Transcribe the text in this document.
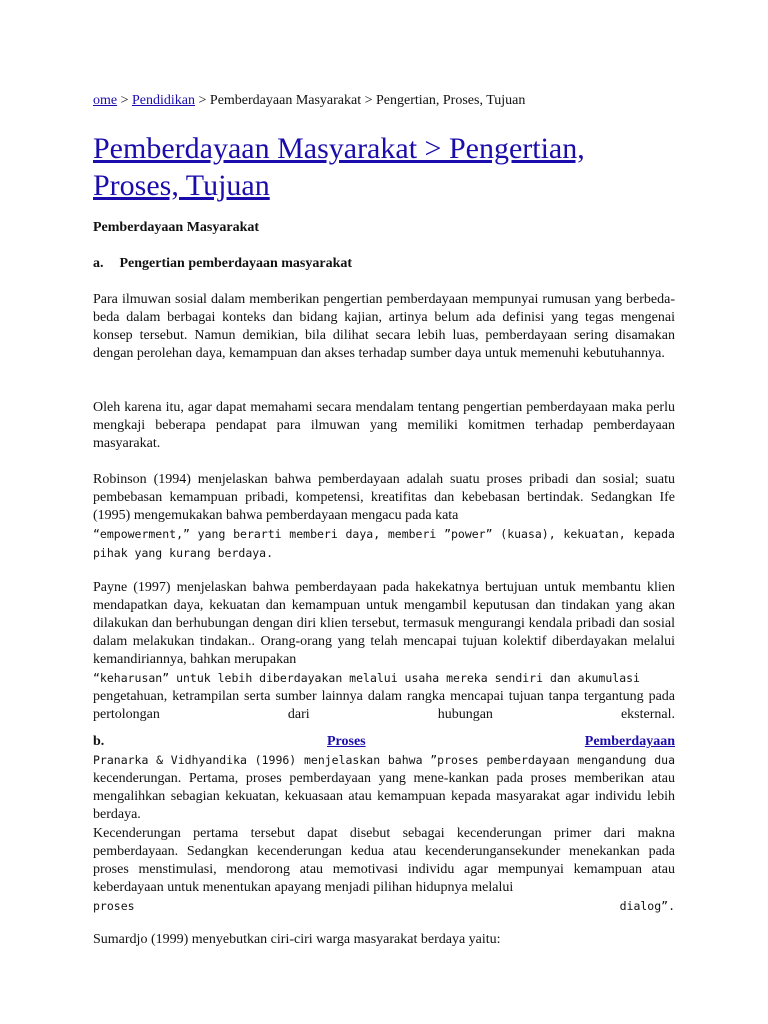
ome > Pendidikan > Pemberdayaan Masyarakat > Pengertian, Proses, Tujuan
Pemberdayaan Masyarakat > Pengertian, Proses, Tujuan
Pemberdayaan Masyarakat
a. Pengertian pemberdayaan masyarakat
Para ilmuwan sosial dalam memberikan pengertian pemberdayaan mempunyai rumusan yang berbeda-beda dalam berbagai konteks dan bidang kajian, artinya belum ada definisi yang tegas mengenai konsep tersebut. Namun demikian, bila dilihat secara lebih luas, pemberdayaan sering disamakan dengan perolehan daya, kemampuan dan akses terhadap sumber daya untuk memenuhi kebutuhannya.
Oleh karena itu, agar dapat memahami secara mendalam tentang pengertian pemberdayaan maka perlu mengkaji beberapa pendapat para ilmuwan yang memiliki komitmen terhadap pemberdayaan masyarakat.
Robinson (1994) menjelaskan bahwa pemberdayaan adalah suatu proses pribadi dan sosial; suatu pembebasan kemampuan pribadi, kompetensi, kreatifitas dan kebebasan bertindak. Sedangkan Ife (1995) mengemukakan bahwa pemberdayaan mengacu pada kata
“empowerment,” yang berarti memberi daya, memberi ”power” (kuasa), kekuatan, kepada pihak yang kurang berdaya.
Payne (1997) menjelaskan bahwa pemberdayaan pada hakekatnya bertujuan untuk membantu klien mendapatkan daya, kekuatan dan kemampuan untuk mengambil keputusan dan tindakan yang akan dilakukan dan berhubungan dengan diri klien tersebut, termasuk mengurangi kendala pribadi dan sosial dalam melakukan tindakan.. Orang-orang yang telah mencapai tujuan kolektif diberdayakan melalui kemandiriannya, bahkan merupakan
“keharusan” untuk lebih diberdayakan melalui usaha mereka sendiri dan akumulasi

pengetahuan, ketrampilan serta sumber lainnya dalam rangka mencapai tujuan tanpa tergantung pada pertolongan dari hubungan eksternal.
b.	Proses	Pemberdayaan
Pranarka & Vidhyandika (1996) menjelaskan bahwa ”proses pemberdayaan mengandung dua kecenderungan. Pertama, proses pemberdayaan yang mene-kankan pada proses memberikan atau mengalihkan sebagian kekuatan, kekuasaan atau kemampuan kepada masyarakat agar individu lebih berdaya.
Kecenderungan pertama tersebut dapat disebut sebagai kecenderungan primer dari makna pemberdayaan. Sedangkan kecenderungan kedua atau kecenderungansekunder menekankan pada proses menstimulasi, mendorong atau memotivasi individu agar mempunyai kemampuan atau keberdayaan untuk menentukan apayang menjadi pilihan hidupnya melalui
proses	dialog”.
Sumardjo (1999) menyebutkan ciri-ciri warga masyarakat berdaya yaitu:
